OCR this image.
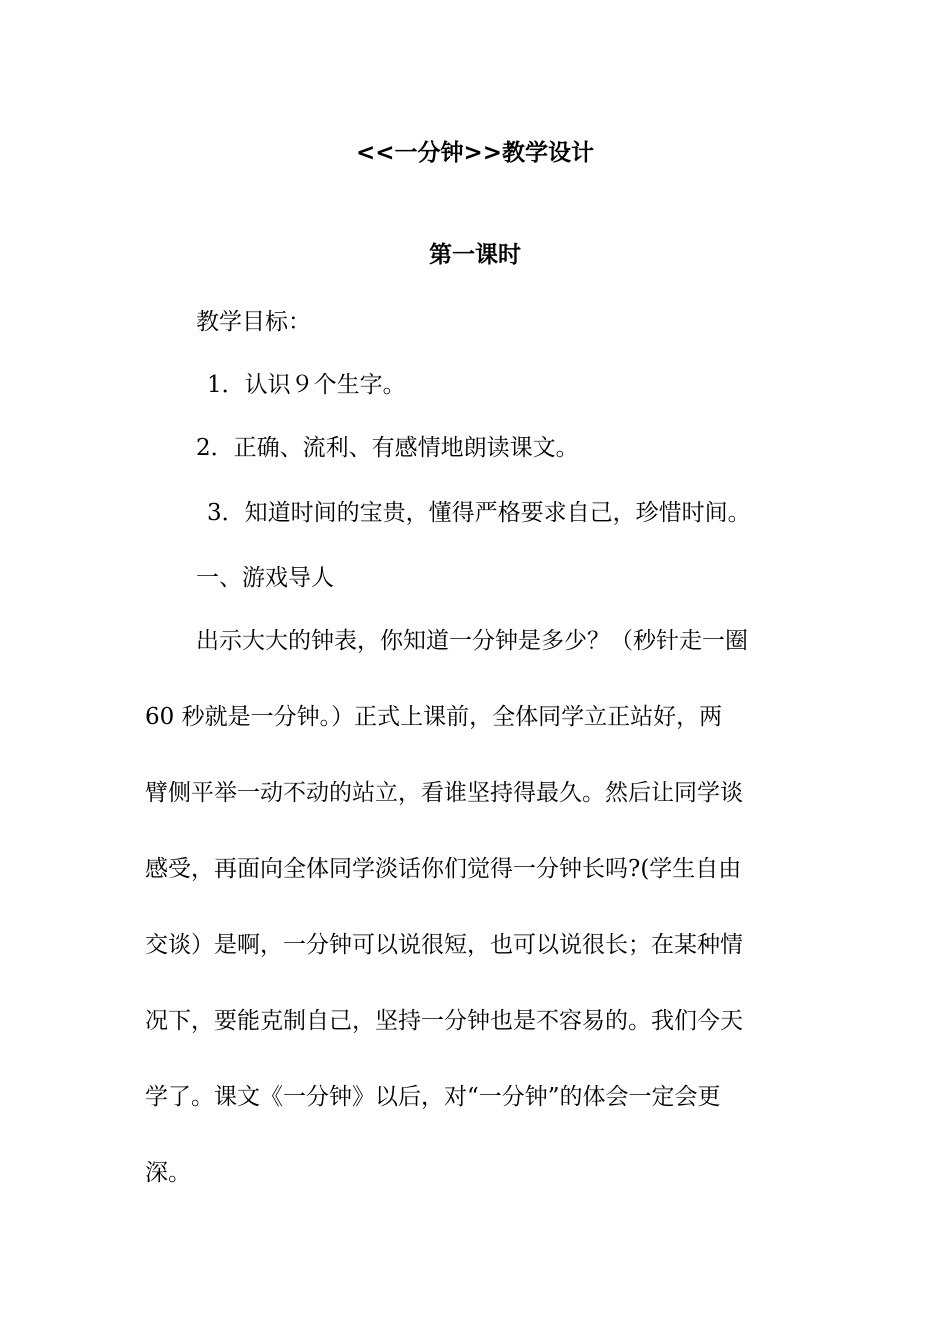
<<一分钟>>教学设计
第一课时
教学目标：
1．认识９个生字。
2．正确、流利、有感情地朗读课文。
3．知道时间的宝贵，懂得严格要求自己，珍惜时间。
一、游戏导人

出示大大的钟表，你知道一分钟是多少？（秒针走一圈

60 秒就是一分钟。）正式上课前，全体同学立正站好，两

臂侧平举一动不动的站立，看谁坚持得最久。然后让同学谈

感受，再面向全体同学淡话你们觉得一分钟长吗?(学生自由

交谈）是啊，一分钟可以说很短，也可以说很长；在某种情

况下，要能克制自己，坚持一分钟也是不容易的。我们今天

学了。课文《一分钟》以后，对“一分钟”的体会一定会更

深。
